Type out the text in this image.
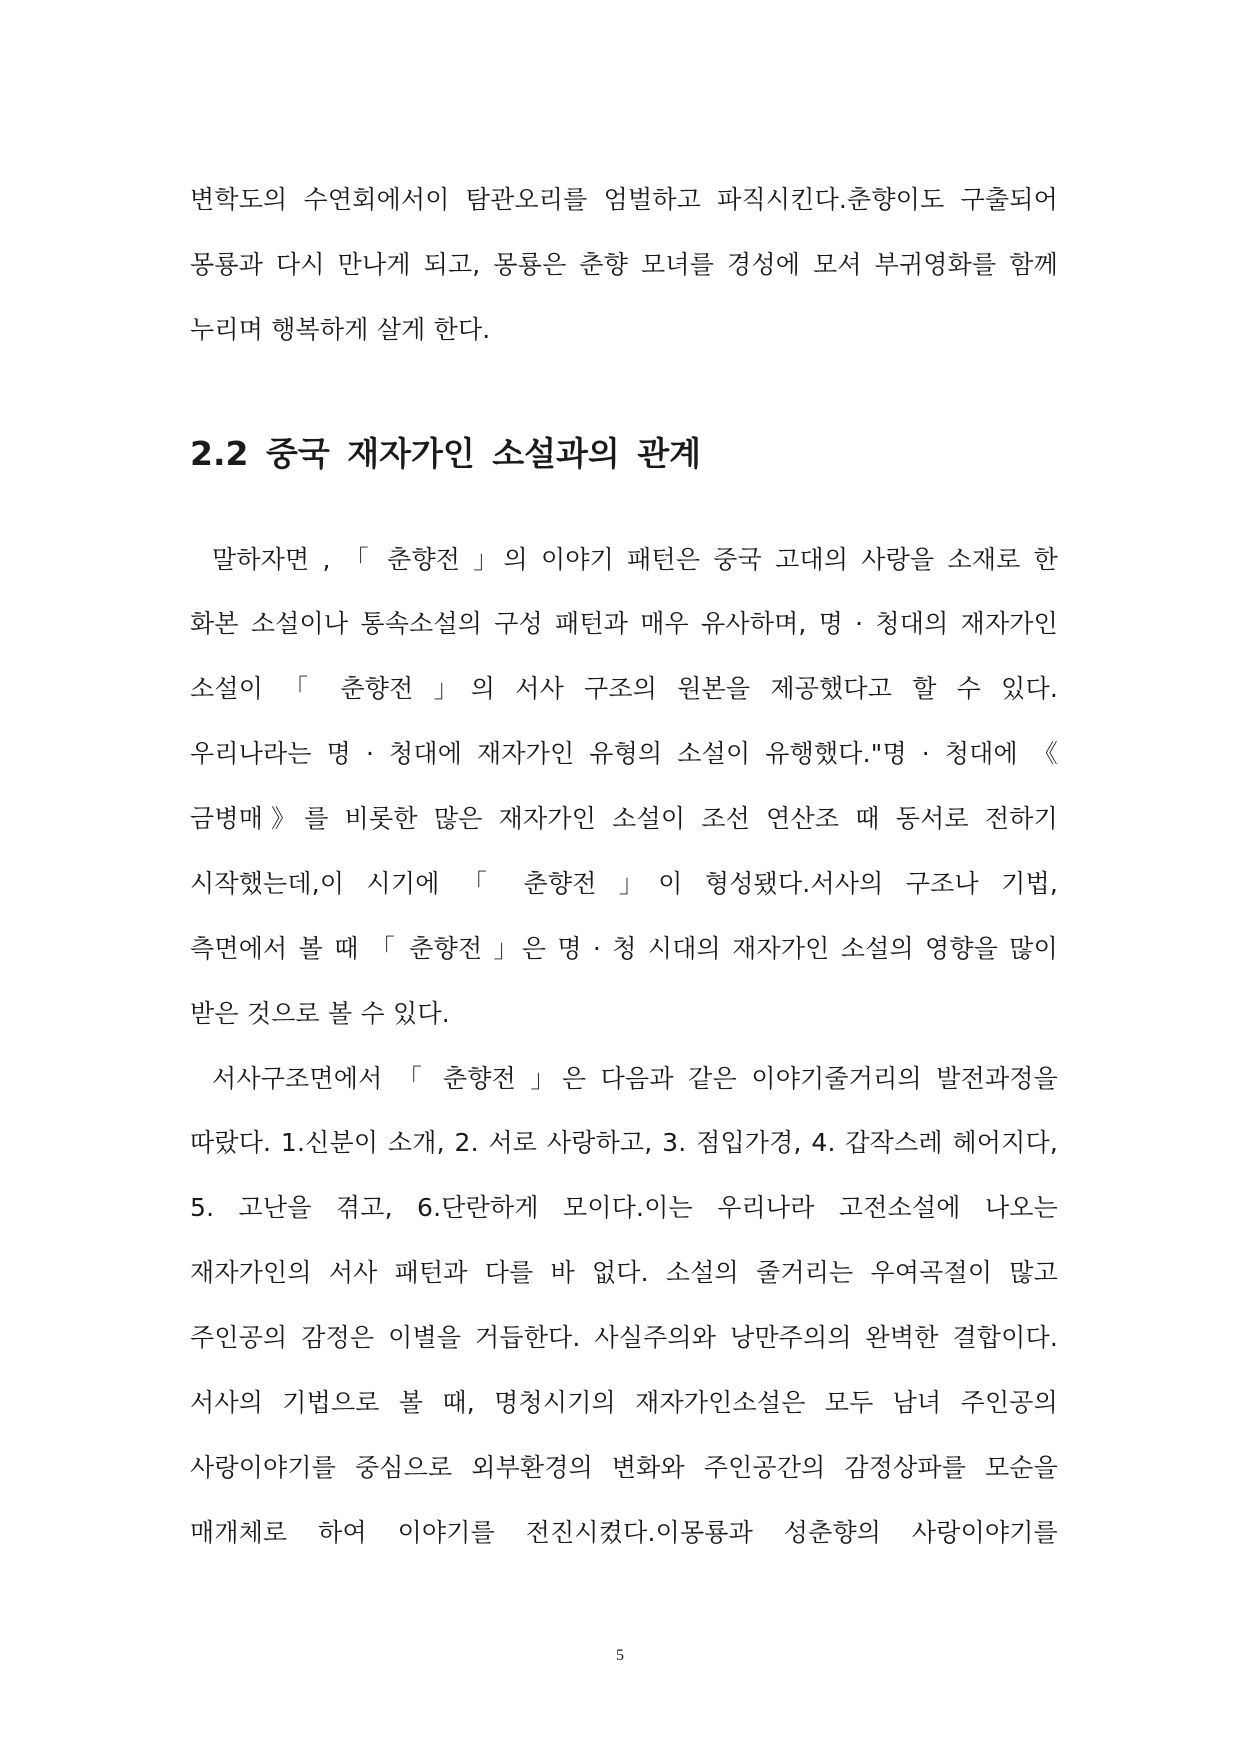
변학도의 수연회에서이 탐관오리를 엄벌하고 파직시킨다.춘향이도 구출되어
몽룡과 다시 만나게 되고, 몽룡은 춘향 모녀를 경성에 모셔 부귀영화를 함께
누리며 행복하게 살게 한다.
2.2 중국 재자가인 소설과의 관계
말하자면 , 「 춘향전 」의 이야기 패턴은 중국 고대의 사랑을 소재로 한
화본 소설이나 통속소설의 구성 패턴과 매우 유사하며, 명 · 청대의 재자가인
소설이 「 춘향전 」의 서사 구조의 원본을 제공했다고 할 수 있다.
우리나라는 명 · 청대에 재자가인 유형의 소설이 유행했다."명 · 청대에 《
금병매》를 비롯한 많은 재자가인 소설이 조선 연산조 때 동서로 전하기
시작했는데,이 시기에 「 춘향전 」이 형성됐다.서사의 구조나 기법,
측면에서 볼 때 「 춘향전 」은 명 · 청 시대의 재자가인 소설의 영향을 많이
받은 것으로 볼 수 있다.
서사구조면에서 「 춘향전 」은 다음과 같은 이야기줄거리의 발전과정을
따랐다. 1.신분이 소개, 2. 서로 사랑하고, 3. 점입가경, 4. 갑작스레 헤어지다,
5. 고난을 겪고, 6.단란하게 모이다.이는 우리나라 고전소설에 나오는
재자가인의 서사 패턴과 다를 바 없다. 소설의 줄거리는 우여곡절이 많고
주인공의 감정은 이별을 거듭한다. 사실주의와 낭만주의의 완벽한 결합이다.
서사의 기법으로 볼 때, 명청시기의 재자가인소설은 모두 남녀 주인공의
사랑이야기를 중심으로 외부환경의 변화와 주인공간의 감정상파를 모순을
매개체로 하여 이야기를 전진시켰다.이몽룡과 성춘향의 사랑이야기를
5
